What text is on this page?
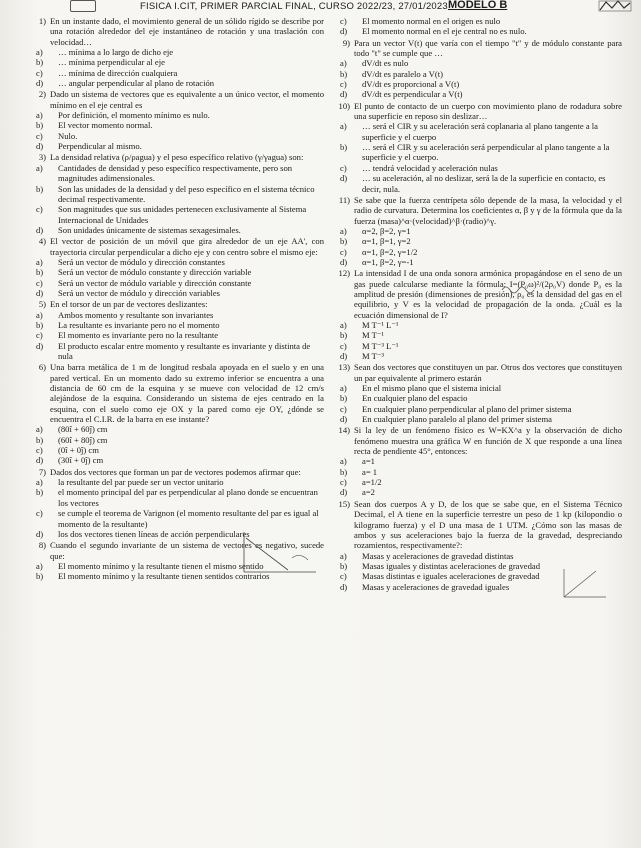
FISICA I.CIT, PRIMER PARCIAL FINAL, CURSO 2022/23, 27/01/2023 MODELO B
1) En un instante dado, el movimiento general de un sólido rígido se describe por una rotación alrededor del eje instantáneo de rotación y una traslación con velocidad…
a)	… mínima a lo largo de dicho eje
b)	… mínima perpendicular al eje
c)	… mínima de dirección cualquiera
d)	… angular perpendicular al plano de rotación
2) Dado un sistema de vectores que es equivalente a un único vector, el momento mínimo en el eje central es
a)	Por definición, el momento mínimo es nulo.
b)	El vector momento normal.
c)	Nulo.
d)	Perpendicular al mismo.
3) La densidad relativa (ρ/ρagua) y el peso específico relativo (γ/γagua) son:
a)	Cantidades de densidad y peso específico respectivamente, pero son magnitudes adimensionales.
b)	Son las unidades de la densidad y del peso específico en el sistema técnico decimal respectivamente.
c)	Son magnitudes que sus unidades pertenecen exclusivamente al Sistema Internacional de Unidades
d)	Son unidades únicamente de sistemas sexagesimales.
4) El vector de posición de un móvil que gira alrededor de un eje AA', con trayectoria circular perpendicular a dicho eje y con centro sobre el mismo eje:
a)	Será un vector de módulo y dirección constantes
b)	Será un vector de módulo constante y dirección variable
c)	Será un vector de módulo variable y dirección constante
d)	Será un vector de módulo y dirección variables
5) En el torsor de un par de vectores deslizantes:
a)	Ambos momento y resultante son invariantes
b)	La resultante es invariante pero no el momento
c)	El momento es invariante pero no la resultante
d)	El producto escalar entre momento y resultante es invariante y distinta de nula
6) Una barra metálica de 1 m de longitud resbala apoyada en el suelo y en una pared vertical. En un momento dado su extremo inferior se encuentra a una distancia de 60 cm de la esquina y se mueve con velocidad de 12 cm/s alejándose de la esquina. Considerando un sistema de ejes centrado en la esquina, con el suelo como eje OX y la pared como eje OY, ¿dónde se encuentra el C.I.R. de la barra en ese instante?
a)	(80î + 60ĵ) cm
b)	(60î + 80ĵ) cm
c)	(0î + 0ĵ) cm
d)	(30î + 0ĵ) cm
7) Dados dos vectores que forman un par de vectores podemos afirmar que:
a)	la resultante del par puede ser un vector unitario
b)	el momento principal del par es perpendicular al plano donde se encuentran los vectores
c)	se cumple el teorema de Varignon (el momento resultante del par es igual al momento de la resultante)
d)	los dos vectores tienen líneas de acción perpendiculares
8) Cuando el segundo invariante de un sistema de vectores es negativo, sucede que:
a)	El momento mínimo y la resultante tienen el mismo sentido
b)	El momento mínimo y la resultante tienen sentidos contrarios
c)	El momento normal en el origen es nulo
d)	El momento normal en el eje central no es nulo.
9) Para un vector V(t) que varía con el tiempo "t" y de módulo constante para todo "t" se cumple que …
a)	dV/dt es nulo
b)	dV/dt es paralelo a V(t)
c)	dV/dt es proporcional a V(t)
d)	dV/dt es perpendicular a V(t)
10) El punto de contacto de un cuerpo con movimiento plano de rodadura sobre una superficie en reposo sin deslizar…
a)	… será el CIR y su aceleración será coplanaria al plano tangente a la superficie y el cuerpo
b)	… será el CIR y su aceleración será perpendicular al plano tangente a la superficie y el cuerpo.
c)	… tendrá velocidad y aceleración nulas
d)	… su aceleración, al no deslizar, será la de la superficie en contacto, es decir, nula.
11) Se sabe que la fuerza centrípeta sólo depende de la masa, la velocidad y el radio de curvatura. Determina los coeficientes α, β y γ de la fórmula que da la fuerza (masa)^α·(velocidad)^β·(radio)^γ.
a)	α=2, β=2, γ=1
b)	α=1, β=1, γ=2
c)	α=1, β=2, γ=1/2
d)	α=1, β=2, γ=-1
12) La intensidad I de una onda sonora armónica propagándose en el seno de un gas puede calcularse mediante la fórmula: I=(P₀ω)²/(2ρ₀V) donde P₀ es la amplitud de presión (dimensiones de presión), ρ₀ es la densidad del gas en el equilibrio, y V es la velocidad de propagación de la onda. ¿Cuál es la ecuación dimensional de I?
a)	M T⁻¹ L⁻¹
b)	M T⁻¹
c)	M T⁻³ L⁻¹
d)	M T⁻³
13) Sean dos vectores que constituyen un par. Otros dos vectores que constituyen un par equivalente al primero estarán
a)	En el mismo plano que el sistema inicial
b)	En cualquier plano del espacio
c)	En cualquier plano perpendicular al plano del primer sistema
d)	En cualquier plano paralelo al plano del primer sistema
14) Si la ley de un fenómeno físico es W=KX^a y la observación de dicho fenómeno muestra una gráfica W en función de X que responde a una línea recta de pendiente 45°, entonces:
a)	a=1
b)	a= 1
c)	a=1/2
d)	a=2
15) Sean dos cuerpos A y D, de los que se sabe que, en el Sistema Técnico Decimal, el A tiene en la superficie terrestre un peso de 1 kp (kilopondio o kilogramo fuerza) y el D una masa de 1 UTM. ¿Cómo son las masas de ambos y sus aceleraciones bajo la fuerza de la gravedad, despreciando rozamientos, respectivamente?:
a)	Masas y aceleraciones de gravedad distintas
b)	Masas iguales y distintas aceleraciones de gravedad
c)	Masas distintas e iguales aceleraciones de gravedad
d)	Masas y aceleraciones de gravedad iguales
